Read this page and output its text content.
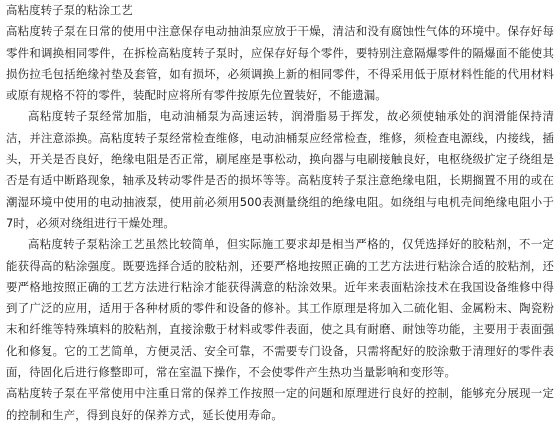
高粘度转子泵的粘涂工艺

高粘度转子泵在日常的使用中注意保存电动抽油泵应放于干燥，清洁和没有腐蚀性气体的环境中。保存好每零件和调换相同零件，在拆检高粘度转子泵时，应保存好每个零件，要特别注意隔爆零件的隔爆面不能使其损伤拉毛包括绝缘衬垫及套管，如有损坏，必须调换上新的相同零件，不得采用低于原材料性能的代用材料或原有规格不符的零件，装配时应将所有零件按原先位置装好，不能遗漏。

高粘度转子泵经常加脂，电动油桶泵为高速运转，润滑脂易于挥发，故必须使轴承处的润滑能保持清洁，并注意添换。高粘度转子泵经常检查维修，电动油桶泵应经常检查，维修，须检查电源线，内接线，插头，开关是否良好，绝缘电阻是否正常，刷尾座是事松动，换向器与电刷接触良好，电枢绕级扩定子绕组是否是有适中断路现象，轴承及转动零件是否的损坏等等。高粘度转子泵注意绝缘电阻，长期搁置不用的或在潮湿环境中使用的电动抽液泵，使用前必须用500表测量绕组的绝缘电阻。如绕组与电机壳间绝缘电阻小于7时，必须对绕组进行干燥处理。

高粘度转子泵粘涂工艺虽然比较简单，但实际施工要求却是相当严格的，仅凭选择好的胶粘剂，不一定能获得高的粘涂强度。既要选择合适的胶粘剂，还要严格地按照正确的工艺方法进行粘涂合适的胶粘剂，还要严格地按照正确的工艺方法进行粘涂才能获得满意的粘涂效果。近年来表面粘涂技术在我国设备维修中得到了广泛的应用，适用于各种材质的零件和设备的修补。其工作原理是将加入二硫化钼、金属粉末、陶瓷粉末和纤维等特殊填料的胶粘剂，直接涂敷于材料或零件表面，使之具有耐磨、耐蚀等功能，主要用于表面强化和修复。它的工艺简单，方便灵活、安全可靠，不需要专门设备，只需将配好的胶涂敷于清理好的零件表面，待固化后进行修整即可，常在室温下操作，不会使零件产生热功当量影响和变形等。

高粘度转子泵在平常使用中注重日常的保养工作按照一定的问题和原理进行良好的控制，能够充分展现一定的控制和生产，得到良好的保养方式，延长使用寿命。
